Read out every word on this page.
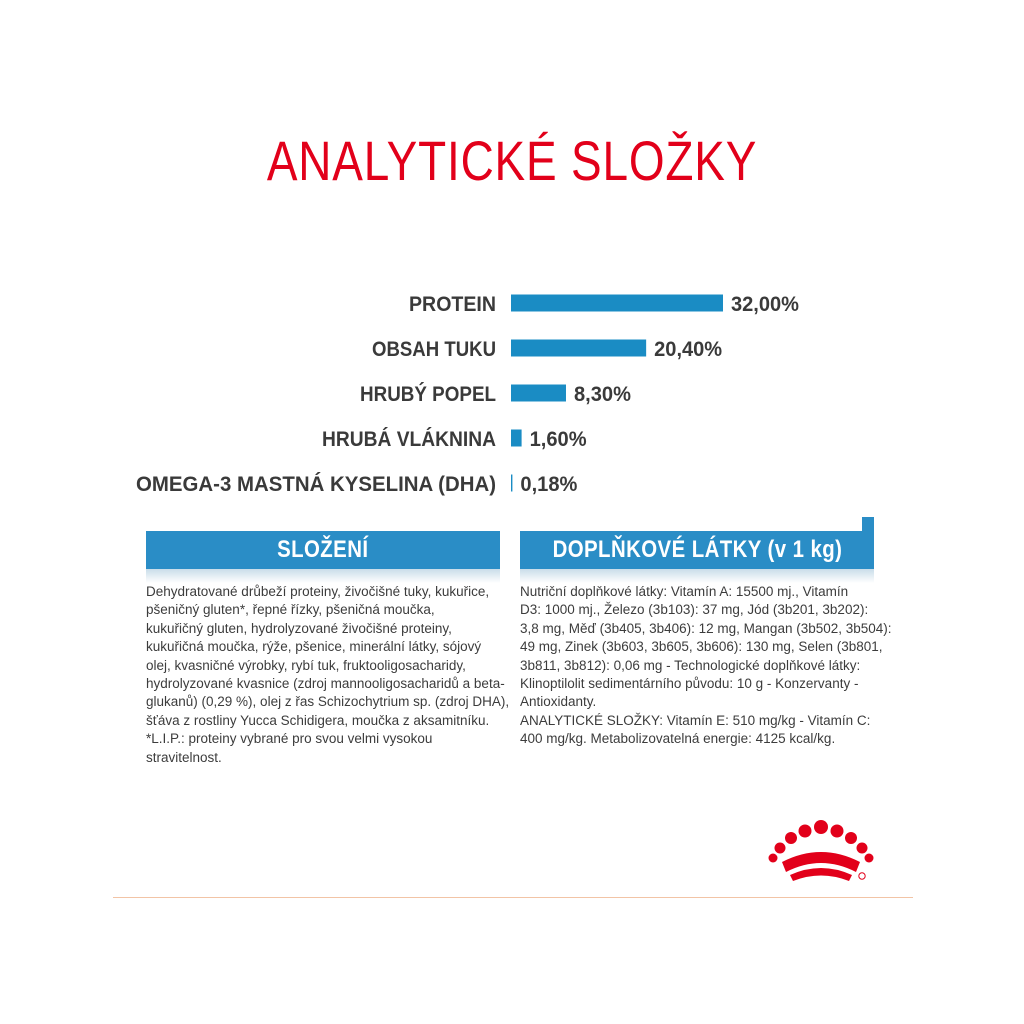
ANALYTICKÉ SLOŽKY
PROTEIN	32,00%
OBSAH TUKU	20,40%
HRUBÝ POPEL	8,30%
HRUBÁ VLÁKNINA 1,60%
OMEGA-3 MASTNÁ KYSELINA (DHA) 0,18%
SLOŽENÍ	DOPLŇKOVÉ LÁTKY (v 1 kg)
Dehydratované drůbeží proteiny, živočišné tuky, kukuřice,
pšeničný gluten*, řepné řízky, pšeničná moučka,
kukuřičný gluten, hydrolyzované živočišné proteiny,
kukuřičná moučka, rýže, pšenice, minerální látky, sójový
olej, kvasničné výrobky, rybí tuk, fruktooligosacharidy,
hydrolyzované kvasnice (zdroj mannooligosacharidů a beta-
glukanů) (0,29 %), olej z řas Schizochytrium sp. (zdroj DHA),
šťáva z rostliny Yucca Schidigera, moučka z aksamitníku.
*L.I.P.: proteiny vybrané pro svou velmi vysokou
stravitelnost.
Nutriční doplňkové látky: Vitamín A: 15500 mj., Vitamín
D3: 1000 mj., Železo (3b103): 37 mg, Jód (3b201, 3b202):
3,8 mg, Měď (3b405, 3b406): 12 mg, Mangan (3b502, 3b504):
49 mg, Zinek (3b603, 3b605, 3b606): 130 mg, Selen (3b801,
3b811, 3b812): 0,06 mg - Technologické doplňkové látky:
Klinoptilolit sedimentárního původu: 10 g - Konzervanty -
Antioxidanty.
ANALYTICKÉ SLOŽKY: Vitamín E: 510 mg/kg - Vitamín C:
400 mg/kg. Metabolizovatelná energie: 4125 kcal/kg.
